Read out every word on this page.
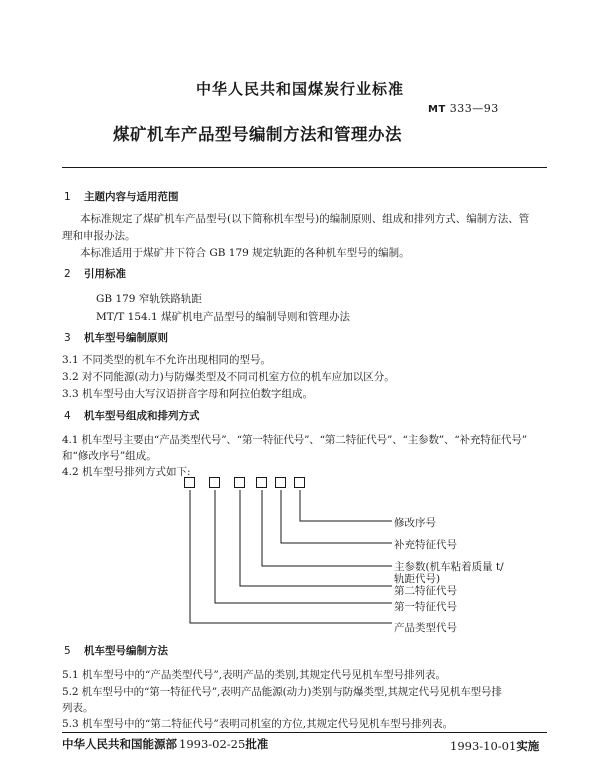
中华人民共和国煤炭行业标准
MT 333—93
煤矿机车产品型号编制方法和管理办法
1 主题内容与适用范围
本标准规定了煤矿机车产品型号(以下简称机车型号)的编制原则、组成和排列方式、编制方法、管
理和申报办法。
本标准适用于煤矿井下符合 GB 179 规定轨距的各种机车型号的编制。
2 引用标准
GB 179 窄轨铁路轨距
MT/T 154.1 煤矿机电产品型号的编制导则和管理办法
3 机车型号编制原则
3.1 不同类型的机车不允许出现相同的型号。
3.2 对不同能源(动力)与防爆类型及不同司机室方位的机车应加以区分。
3.3 机车型号由大写汉语拼音字母和阿拉伯数字组成。
4 机车型号组成和排列方式
4.1 机车型号主要由“产品类型代号”、“第一特征代号”、“第二特征代号”、“主参数”、“补充特征代号”
和“修改序号”组成。
4.2 机车型号排列方式如下:
修改序号
补充特征代号
主参数(机车粘着质量 t/
轨距代号)
第二特征代号
第一特征代号
产品类型代号
5 机车型号编制方法
5.1 机车型号中的“产品类型代号”,表明产品的类别,其规定代号见机车型号排列表。
5.2 机车型号中的“第一特征代号”,表明产品能源(动力)类别与防爆类型,其规定代号见机车型号排
列表。
5.3 机车型号中的“第二特征代号”表明司机室的方位,其规定代号见机车型号排列表。
中华人民共和国能源部 1993-02-25批准	1993-10-01实施
